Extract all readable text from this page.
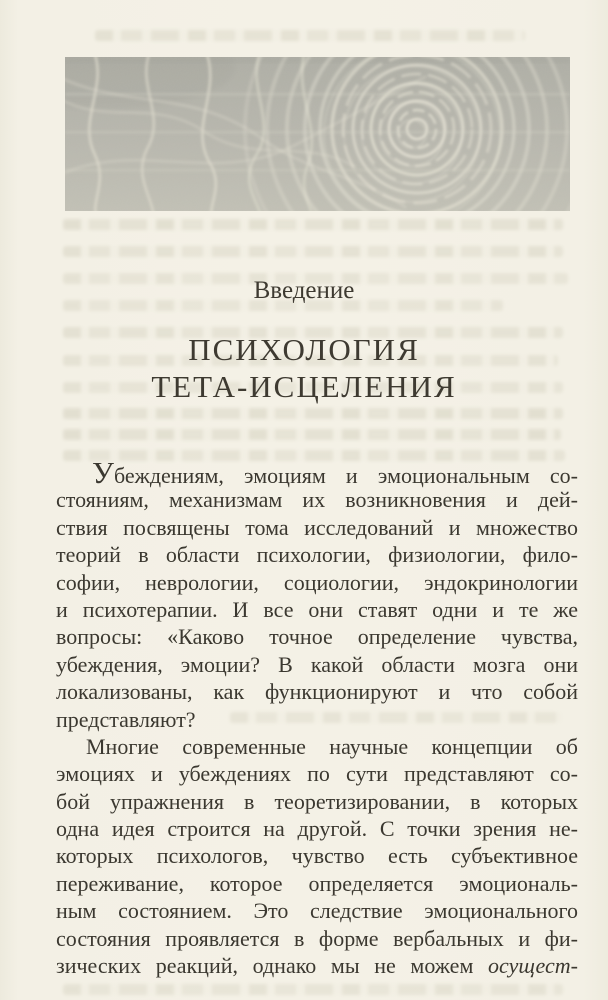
Введение
ПСИХОЛОГИЯ
ТЕТА-ИСЦЕЛЕНИЯ
Убеждениям, эмоциям и эмоциональным со-
стояниям, механизмам их возникновения и дей-
ствия посвящены тома исследований и множество
теорий в области психологии, физиологии, фило-
софии, неврологии, социологии, эндокринологии
и психотерапии. И все они ставят одни и те же
вопросы: «Каково точное определение чувства,
убеждения, эмоции? В какой области мозга они
локализованы, как функционируют и что собой
представляют?
Многие современные научные концепции об
эмоциях и убеждениях по сути представляют со-
бой упражнения в теоретизировании, в которых
одна идея строится на другой. С точки зрения не-
которых психологов, чувство есть субъективное
переживание, которое определяется эмоциональ-
ным состоянием. Это следствие эмоционального
состояния проявляется в форме вербальных и фи-
зических реакций, однако мы не можем осущест-
